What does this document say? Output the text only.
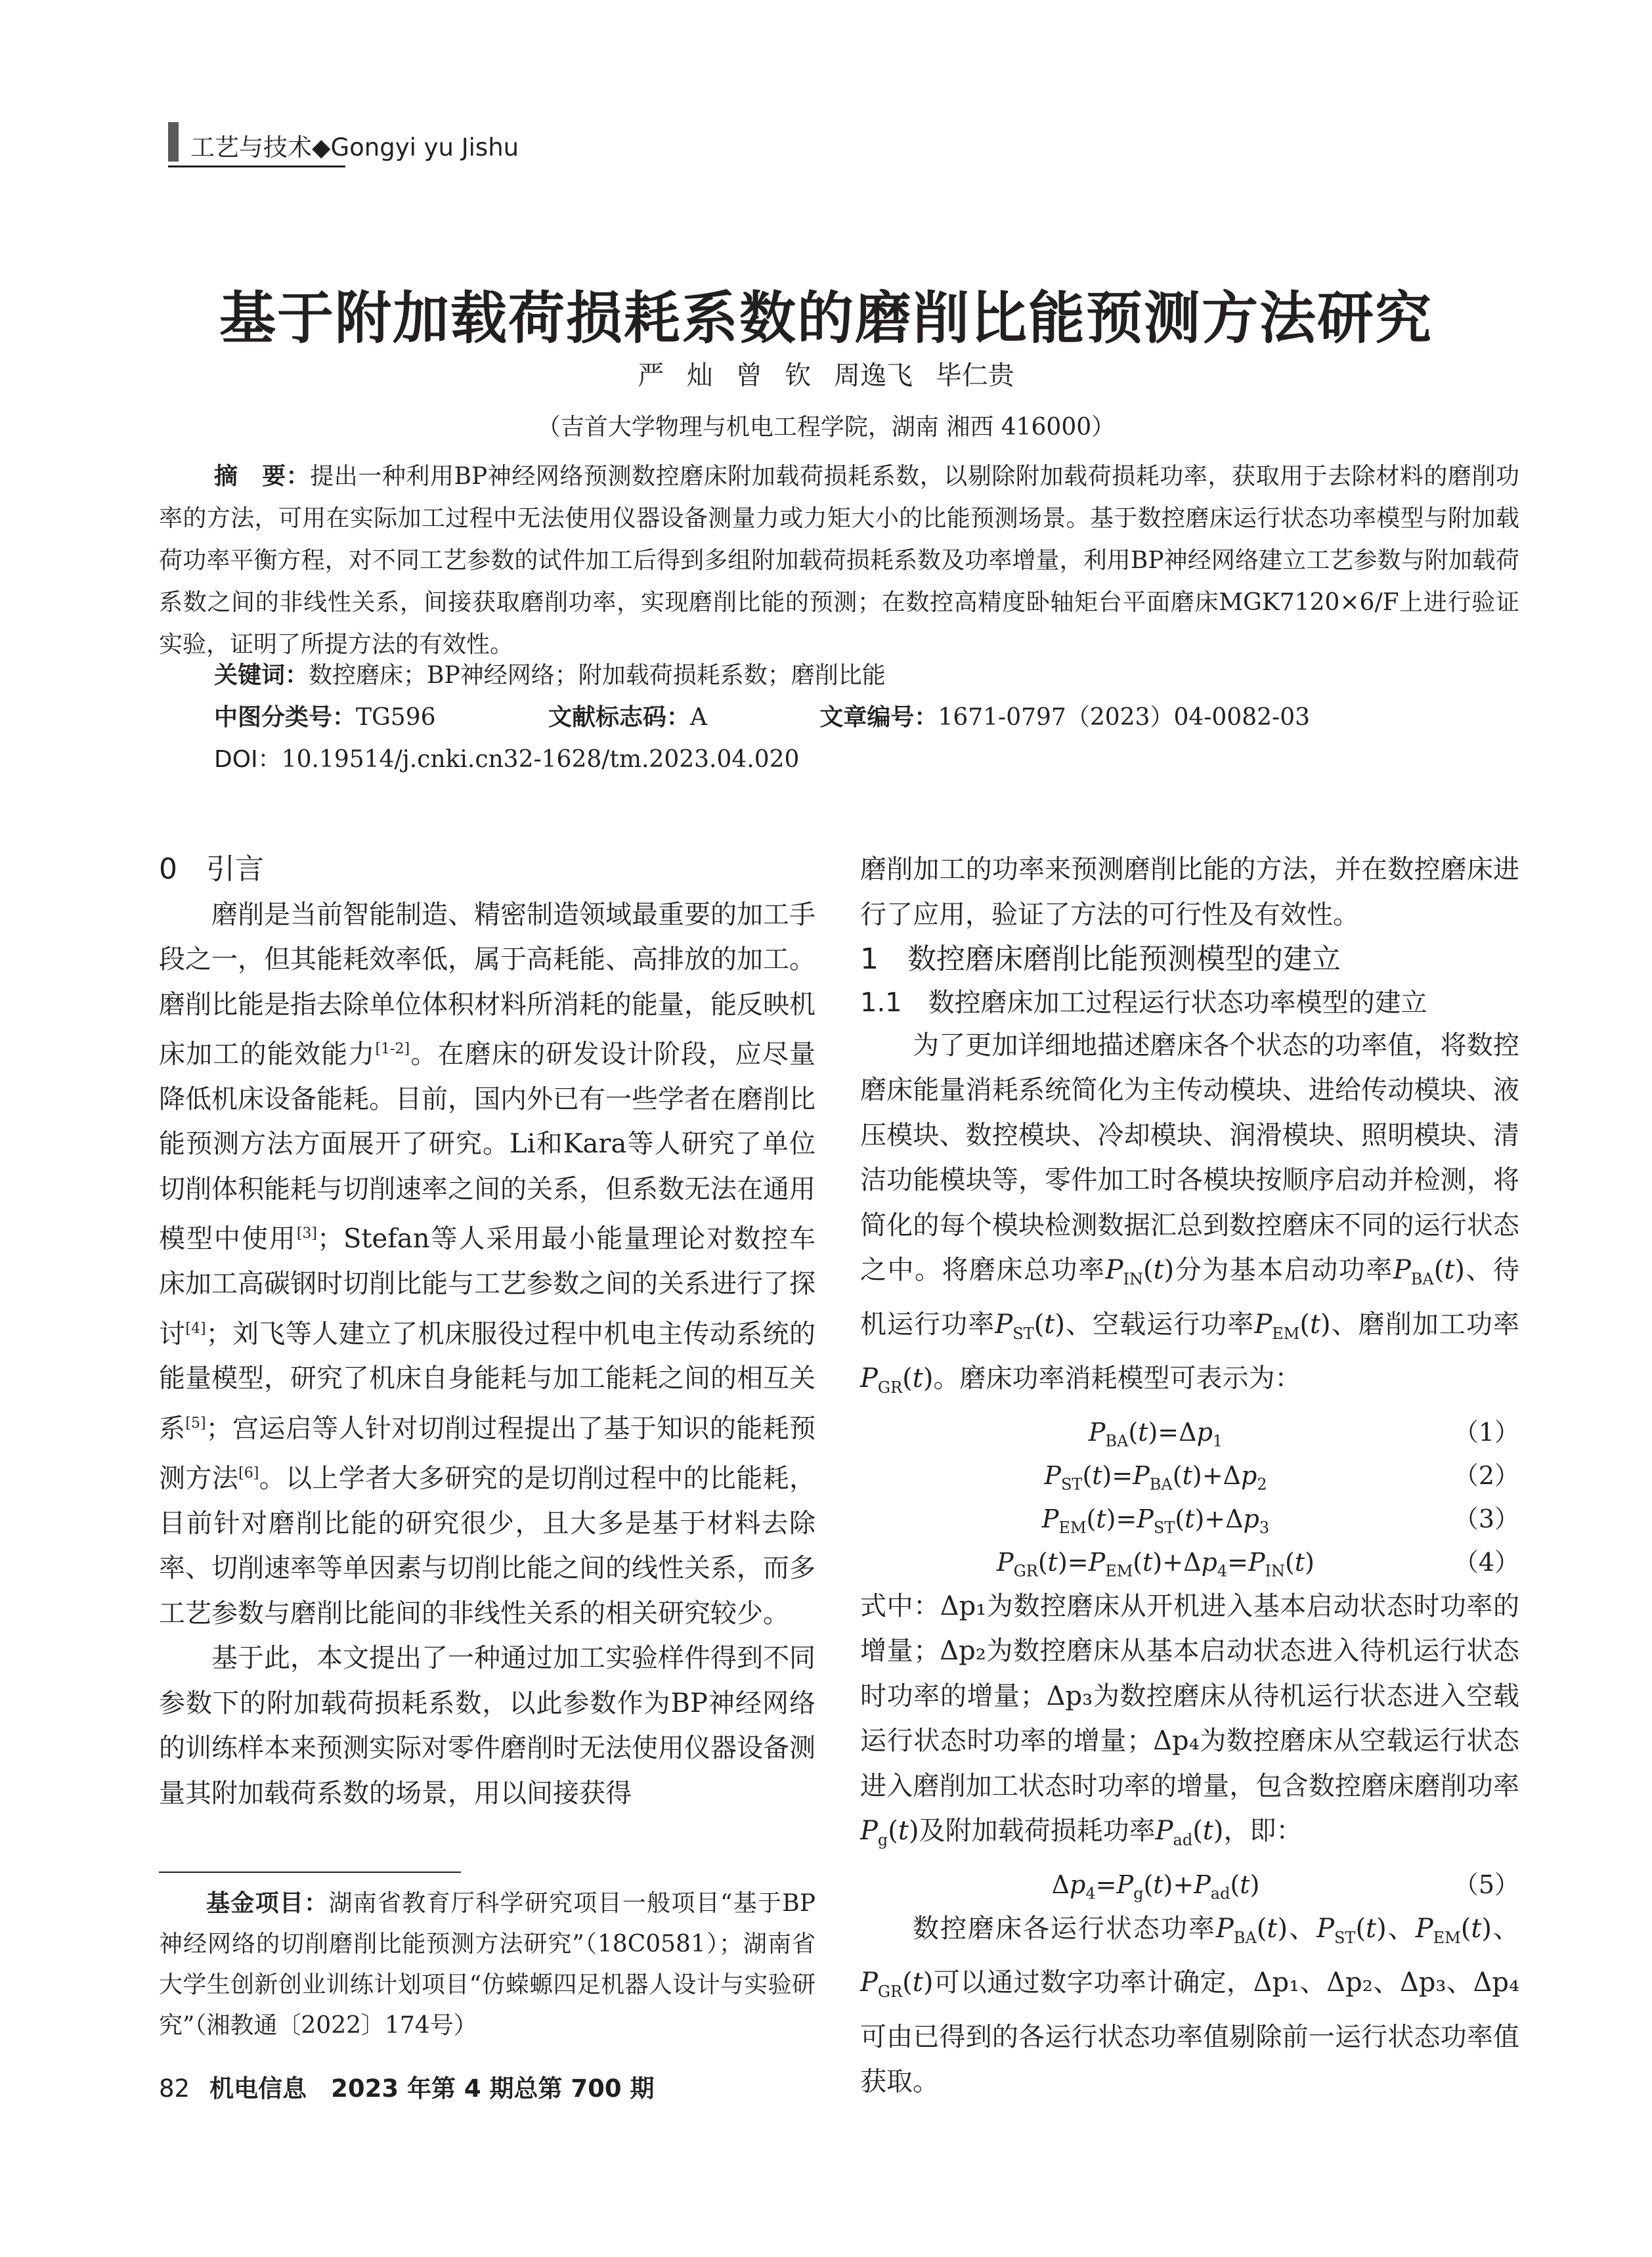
工艺与技术◆Gongyi yu Jishu
基于附加载荷损耗系数的磨削比能预测方法研究
严 灿 曾 钦 周逸飞 毕仁贵
（吉首大学物理与机电工程学院，湖南 湘西 416000）
摘　要：提出一种利用BP神经网络预测数控磨床附加载荷损耗系数，以剔除附加载荷损耗功率，获取用于去除材料的磨削功率的方法，可用在实际加工过程中无法使用仪器设备测量力或力矩大小的比能预测场景。基于数控磨床运行状态功率模型与附加载荷功率平衡方程，对不同工艺参数的试件加工后得到多组附加载荷损耗系数及功率增量，利用BP神经网络建立工艺参数与附加载荷系数之间的非线性关系，间接获取磨削功率，实现磨削比能的预测；在数控高精度卧轴矩台平面磨床MGK7120×6/F上进行验证实验，证明了所提方法的有效性。
关键词：数控磨床；BP神经网络；附加载荷损耗系数；磨削比能
中图分类号：TG596	文献标志码：A	文章编号：1671-0797（2023）04-0082-03
DOI：10.19514/j.cnki.cn32-1628/tm.2023.04.020
0　引言

磨削是当前智能制造、精密制造领域最重要的加工手段之一，但其能耗效率低，属于高耗能、高排放的加工。磨削比能是指去除单位体积材料所消耗的能量，能反映机床加工的能效能力[1-2]。在磨床的研发设计阶段，应尽量降低机床设备能耗。目前，国内外已有一些学者在磨削比能预测方法方面展开了研究。Li和Kara等人研究了单位切削体积能耗与切削速率之间的关系，但系数无法在通用模型中使用[3]；Stefan等人采用最小能量理论对数控车床加工高碳钢时切削比能与工艺参数之间的关系进行了探讨[4]；刘飞等人建立了机床服役过程中机电主传动系统的能量模型，研究了机床自身能耗与加工能耗之间的相互关系[5]；宫运启等人针对切削过程提出了基于知识的能耗预测方法[6]。以上学者大多研究的是切削过程中的比能耗，目前针对磨削比能的研究很少，且大多是基于材料去除率、切削速率等单因素与切削比能之间的线性关系，而多工艺参数与磨削比能间的非线性关系的相关研究较少。

基于此，本文提出了一种通过加工实验样件得到不同参数下的附加载荷损耗系数，以此参数作为BP神经网络的训练样本来预测实际对零件磨削时无法使用仪器设备测量其附加载荷系数的场景，用以间接获得

基金项目：湖南省教育厅科学研究项目一般项目“基于BP神经网络的切削磨削比能预测方法研究”（18C0581）；湖南省大学生创新创业训练计划项目“仿蝾螈四足机器人设计与实验研究”（湘教通〔2022〕174号）

磨削加工的功率来预测磨削比能的方法，并在数控磨床进行了应用，验证了方法的可行性及有效性。

1　数控磨床磨削比能预测模型的建立
1.1　数控磨床加工过程运行状态功率模型的建立

为了更加详细地描述磨床各个状态的功率值，将数控磨床能量消耗系统简化为主传动模块、进给传动模块、液压模块、数控模块、冷却模块、润滑模块、照明模块、清洁功能模块等，零件加工时各模块按顺序启动并检测，将简化的每个模块检测数据汇总到数控磨床不同的运行状态之中。将磨床总功率$P_{IN}(t)$分为基本启动功率$P_{BA}(t)$、待机运行功率$P_{ST}(t)$、空载运行功率$P_{EM}(t)$、磨削加工功率$P_{GR}(t)$。磨床功率消耗模型可表示为：

$P_{BA}(t)=\Delta p_1$	（1）
$P_{ST}(t)=P_{BA}(t)+\Delta p_2$	（2）
$P_{EM}(t)=P_{ST}(t)+\Delta p_3$	（3）
$P_{GR}(t)=P_{EM}(t)+\Delta p_4=P_{IN}(t)$	（4）

式中：Δp₁为数控磨床从开机进入基本启动状态时功率的增量；Δp₂为数控磨床从基本启动状态进入待机运行状态时功率的增量；Δp₃为数控磨床从待机运行状态进入空载运行状态时功率的增量；Δp₄为数控磨床从空载运行状态进入磨削加工状态时功率的增量，包含数控磨床磨削功率$P_g(t)$及附加载荷损耗功率$P_{ad}(t)$，即：

$\Delta p_4=P_g(t)+P_{ad}(t)$	（5）

数控磨床各运行状态功率$P_{BA}(t)$、$P_{ST}(t)$、$P_{EM}(t)$、$P_{GR}(t)$可以通过数字功率计确定，Δp₁、Δp₂、Δp₃、Δp₄可由已得到的各运行状态功率值剔除前一运行状态功率值获取。

82 机电信息　2023 年第 4 期总第 700 期
